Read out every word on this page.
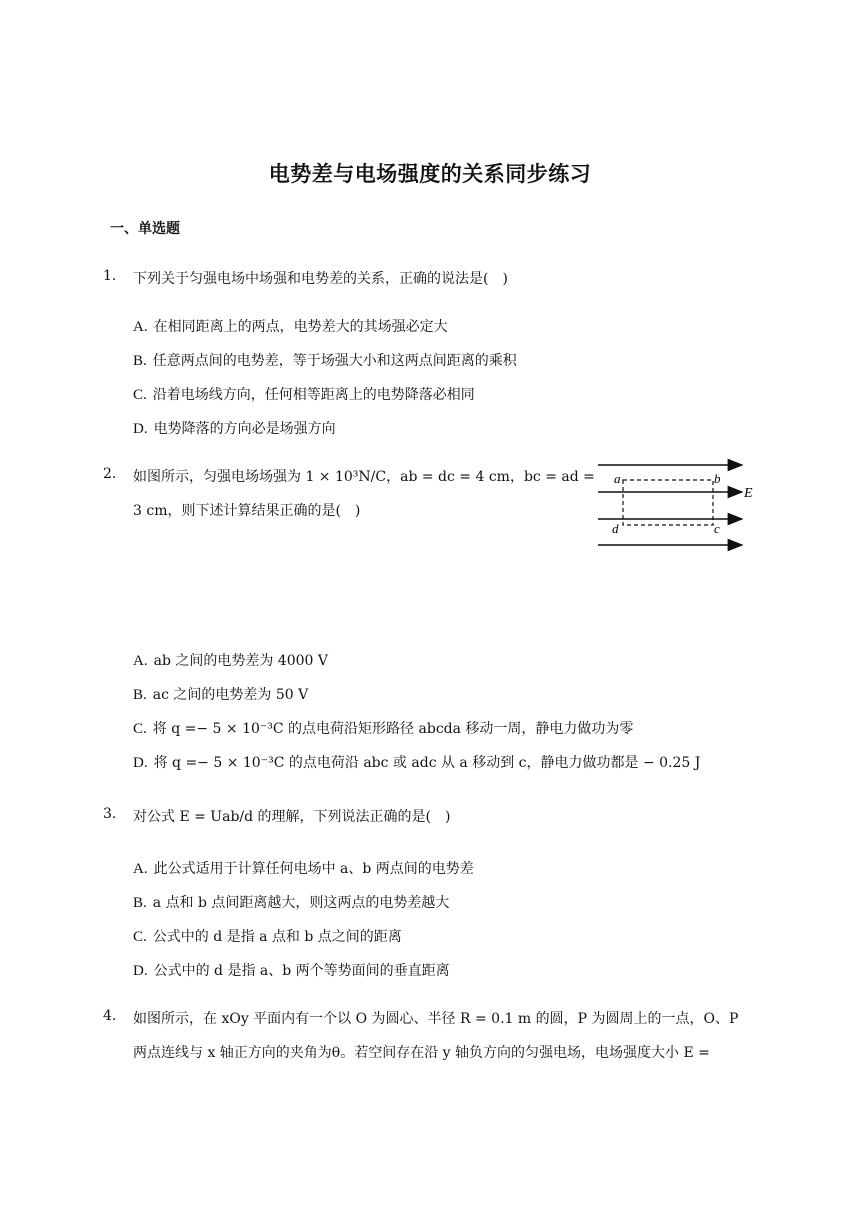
电势差与电场强度的关系同步练习
一、单选题
1. 下列关于匀强电场中场强和电势差的关系，正确的说法是(　)
A. 在相同距离上的两点，电势差大的其场强必定大
B. 任意两点间的电势差，等于场强大小和这两点间距离的乘积
C. 沿着电场线方向，任何相等距离上的电势降落必相同
D. 电势降落的方向必是场强方向
2. 如图所示，匀强电场场强为 1 × 10³N/C，ab = dc = 4 cm，bc = ad =
3 cm，则下述计算结果正确的是(　)
a	b
c
d
E
A. ab 之间的电势差为 4000 V
B. ac 之间的电势差为 50 V
C. 将 q =− 5 × 10⁻³C 的点电荷沿矩形路径 abcda 移动一周，静电力做功为零
D. 将 q =− 5 × 10⁻³C 的点电荷沿 abc 或 adc 从 a 移动到 c，静电力做功都是 − 0.25 J
3. 对公式 E = Uab/d 的理解，下列说法正确的是(　)
A. 此公式适用于计算任何电场中 a、b 两点间的电势差
B. a 点和 b 点间距离越大，则这两点的电势差越大
C. 公式中的 d 是指 a 点和 b 点之间的距离
D. 公式中的 d 是指 a、b 两个等势面间的垂直距离
4. 如图所示，在 xOy 平面内有一个以 O 为圆心、半径 R = 0.1 m 的圆，P 为圆周上的一点，O、P
两点连线与 x 轴正方向的夹角为θ。若空间存在沿 y 轴负方向的匀强电场，电场强度大小 E =
